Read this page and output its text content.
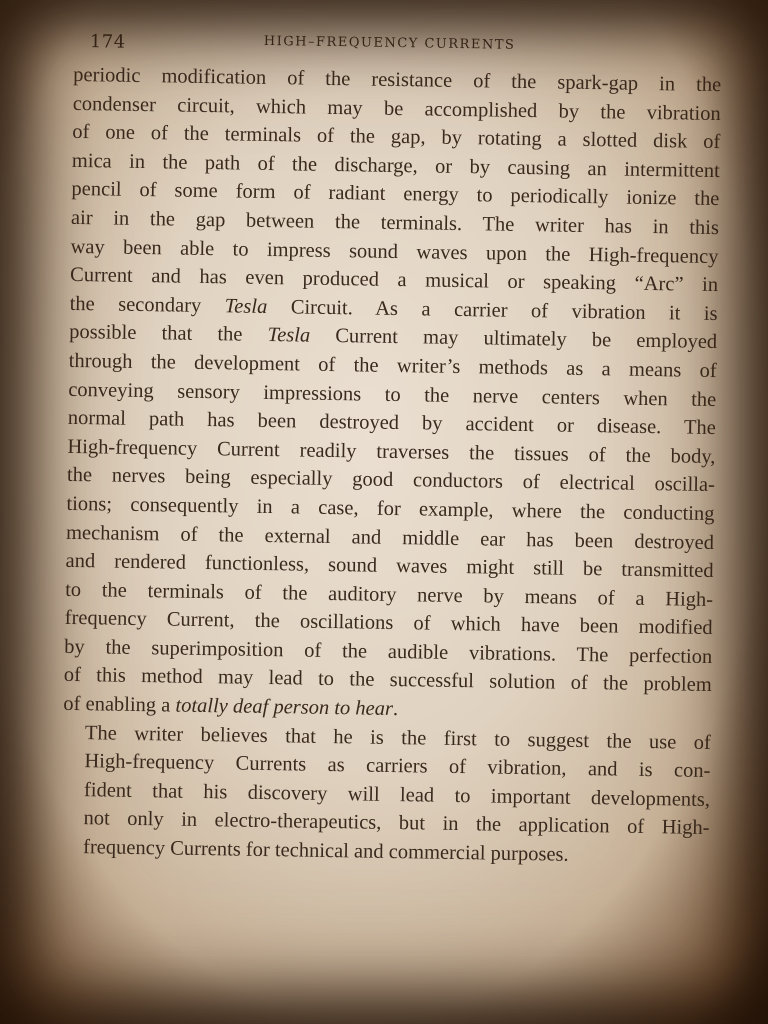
174	HIGH–FREQUENCY CURRENTS

periodic modification of the resistance of the spark-gap in the
condenser circuit, which may be accomplished by the vibration
of one of the terminals of the gap, by rotating a slotted disk of
mica in the path of the discharge, or by causing an intermittent
pencil of some form of radiant energy to periodically ionize the
air in the gap between the terminals. The writer has in this
way been able to impress sound waves upon the High-frequency
Current and has even produced a musical or speaking “Arc” in
the secondary Tesla Circuit. As a carrier of vibration it is
possible that the Tesla Current may ultimately be employed
through the development of the writer’s methods as a means of
conveying sensory impressions to the nerve centers when the
normal path has been destroyed by accident or disease. The
High-frequency Current readily traverses the tissues of the body,
the nerves being especially good conductors of electrical oscilla-
tions; consequently in a case, for example, where the conducting
mechanism of the external and middle ear has been destroyed
and rendered functionless, sound waves might still be transmitted
to the terminals of the auditory nerve by means of a High-
frequency Current, the oscillations of which have been modified
by the superimposition of the audible vibrations. The perfection
of this method may lead to the successful solution of the problem
of enabling a totally deaf person to hear.

The writer believes that he is the first to suggest the use of
High-frequency Currents as carriers of vibration, and is con-
fident that his discovery will lead to important developments,
not only in electro-therapeutics, but in the application of High-
frequency Currents for technical and commercial purposes.
